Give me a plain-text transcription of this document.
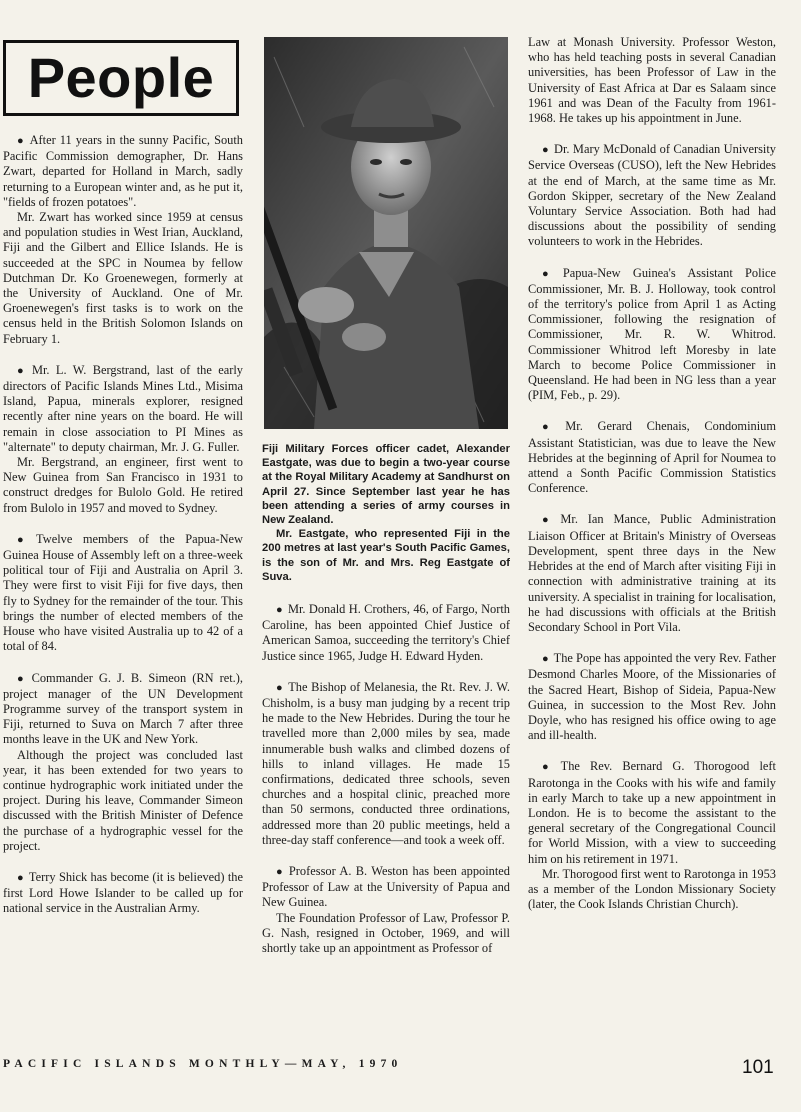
People

● After 11 years in the sunny Pacific, South Pacific Commission demographer, Dr. Hans Zwart, departed for Holland in March, sadly returning to a European winter and, as he put it, "fields of frozen potatoes".

Mr. Zwart has worked since 1959 at census and population studies in West Irian, Auckland, Fiji and the Gilbert and Ellice Islands. He is succeeded at the SPC in Noumea by fellow Dutchman Dr. Ko Groenewegen, formerly at the University of Auckland. One of Mr. Groenewegen's first tasks is to work on the census held in the British Solomon Islands on February 1.

● Mr. L. W. Bergstrand, last of the early directors of Pacific Islands Mines Ltd., Misima Island, Papua, minerals explorer, resigned recently after nine years on the board. He will remain in close association to PI Mines as "alternate" to deputy chairman, Mr. J. G. Fuller.

Mr. Bergstrand, an engineer, first went to New Guinea from San Francisco in 1931 to construct dredges for Bulolo Gold. He retired from Bulolo in 1957 and moved to Sydney.

● Twelve members of the Papua-New Guinea House of Assembly left on a three-week political tour of Fiji and Australia on April 3. They were first to visit Fiji for five days, then fly to Sydney for the remainder of the tour. This brings the number of elected members of the House who have visited Australia up to 42 of a total of 84.

● Commander G. J. B. Simeon (RN ret.), project manager of the UN Development Programme survey of the transport system in Fiji, returned to Suva on March 7 after three months leave in the UK and New York.

Although the project was concluded last year, it has been extended for two years to continue hydrographic work initiated under the project. During his leave, Commander Simeon discussed with the British Minister of Defence the purchase of a hydrographic vessel for the project.

● Terry Shick has become (it is believed) the first Lord Howe Islander to be called up for national service in the Australian Army.

Fiji Military Forces officer cadet, Alexander Eastgate, was due to begin a two-year course at the Royal Military Academy at Sandhurst on April 27. Since September last year he has been attending a series of army courses in New Zealand.

Mr. Eastgate, who represented Fiji in the 200 metres at last year's South Pacific Games, is the son of Mr. and Mrs. Reg Eastgate of Suva.

● Mr. Donald H. Crothers, 46, of Fargo, North Caroline, has been appointed Chief Justice of American Samoa, succeeding the territory's Chief Justice since 1965, Judge H. Edward Hyden.

● The Bishop of Melanesia, the Rt. Rev. J. W. Chisholm, is a busy man judging by a recent trip he made to the New Hebrides. During the tour he travelled more than 2,000 miles by sea, made innumerable bush walks and climbed dozens of hills to inland villages. He made 15 confirmations, dedicated three schools, seven churches and a hospital clinic, preached more than 50 sermons, conducted three ordinations, addressed more than 20 public meetings, held a three-day staff conference—and took a week off.

● Professor A. B. Weston has been appointed Professor of Law at the University of Papua and New Guinea.

The Foundation Professor of Law, Professor P. G. Nash, resigned in October, 1969, and will shortly take up an appointment as Professor of

Law at Monash University. Professor Weston, who has held teaching posts in several Canadian universities, has been Professor of Law in the University of East Africa at Dar es Salaam since 1961 and was Dean of the Faculty from 1961-1968. He takes up his appointment in June.

● Dr. Mary McDonald of Canadian University Service Overseas (CUSO), left the New Hebrides at the end of March, at the same time as Mr. Gordon Skipper, secretary of the New Zealand Voluntary Service Association. Both had had discussions about the possibility of sending volunteers to work in the Hebrides.

● Papua-New Guinea's Assistant Police Commissioner, Mr. B. J. Holloway, took control of the territory's police from April 1 as Acting Commissioner, following the resignation of Commissioner, Mr. R. W. Whitrod. Commissioner Whitrod left Moresby in late March to become Police Commissioner in Queensland. He had been in NG less than a year (PIM, Feb., p. 29).

● Mr. Gerard Chenais, Condominium Assistant Statistician, was due to leave the New Hebrides at the beginning of April for Noumea to attend a Sonth Pacific Commission Statistics Conference.

● Mr. Ian Mance, Public Administration Liaison Officer at Britain's Ministry of Overseas Development, spent three days in the New Hebrides at the end of March after visiting Fiji in connection with administrative training at its university. A specialist in training for localisation, he had discussions with officials at the British Secondary School in Port Vila.

● The Pope has appointed the very Rev. Father Desmond Charles Moore, of the Missionaries of the Sacred Heart, Bishop of Sideia, Papua-New Guinea, in succession to the Most Rev. John Doyle, who has resigned his office owing to age and ill-health.

● The Rev. Bernard G. Thorogood left Rarotonga in the Cooks with his wife and family in early March to take up a new appointment in London. He is to become the assistant to the general secretary of the Congregational Council for World Mission, with a view to succeeding him on his retirement in 1971.

Mr. Thorogood first went to Rarotonga in 1953 as a member of the London Missionary Society (later, the Cook Islands Christian Church).

PACIFIC ISLANDS MONTHLY—MAY, 1970	101
